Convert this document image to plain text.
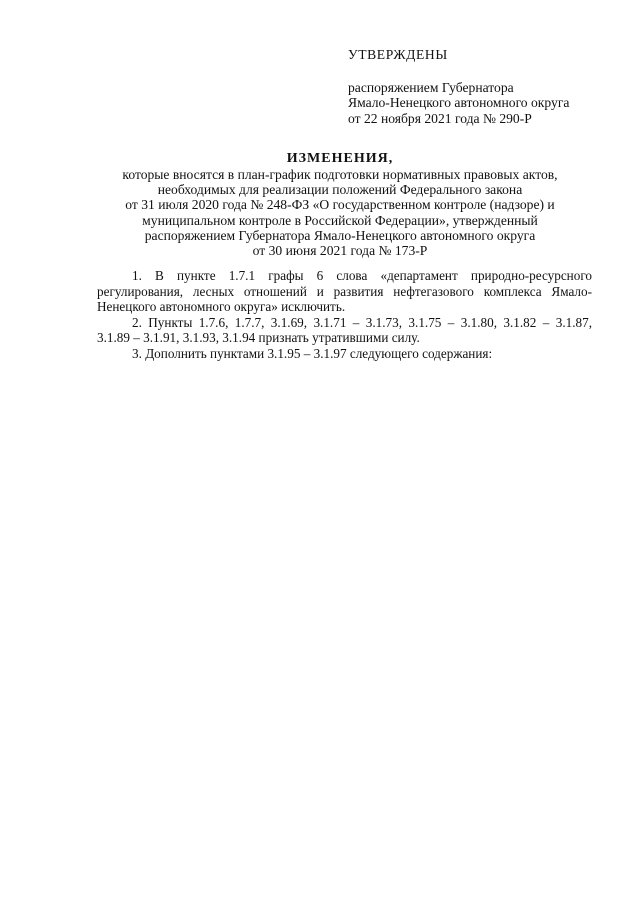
УТВЕРЖДЕНЫ
распоряжением Губернатора
Ямало-Ненецкого автономного округа
от 22 ноября 2021 года № 290-Р
ИЗМЕНЕНИЯ,
которые вносятся в план-график подготовки нормативных правовых актов,
необходимых для реализации положений Федерального закона
от 31 июля 2020 года № 248-ФЗ «О государственном контроле (надзоре) и
муниципальном контроле в Российской Федерации», утвержденный
распоряжением Губернатора Ямало-Ненецкого автономного округа
от 30 июня 2021 года № 173-Р
1. В пункте 1.7.1 графы 6 слова «департамент природно-ресурсного
регулирования, лесных отношений и развития нефтегазового комплекса Ямало-
Ненецкого автономного округа» исключить.
2. Пункты 1.7.6, 1.7.7, 3.1.69, 3.1.71 – 3.1.73, 3.1.75 – 3.1.80, 3.1.82 – 3.1.87,
3.1.89 – 3.1.91, 3.1.93, 3.1.94 признать утратившими силу.
3. Дополнить пунктами 3.1.95 – 3.1.97 следующего содержания:
